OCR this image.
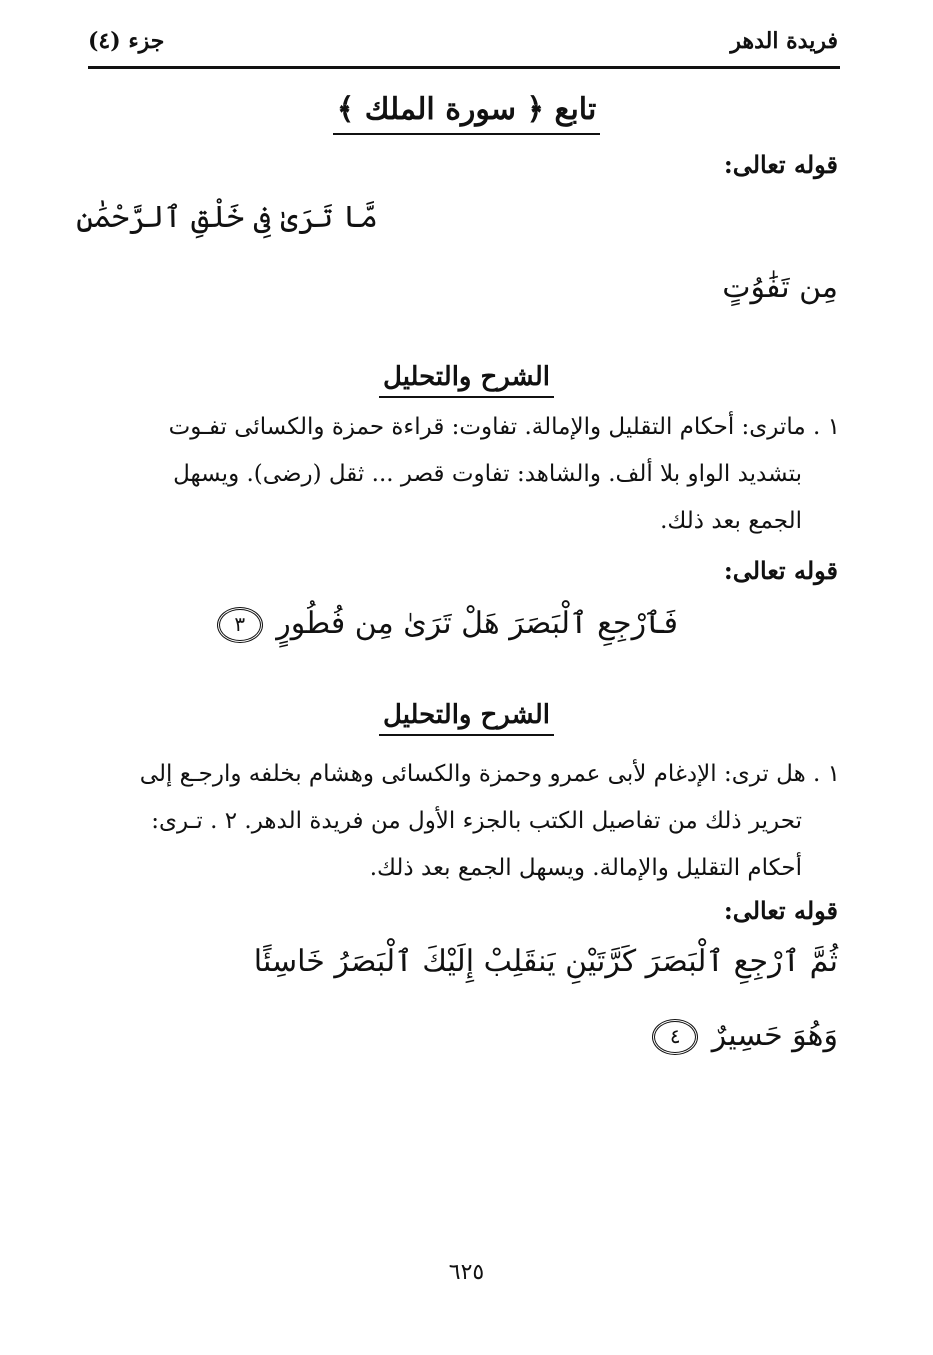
فريدة الدهر
جزء (٤)
تابع ﴿ سورة الملك ﴾
قوله تعالى:
مَّا تَرَىٰ فِى خَلْقِ ٱلرَّحْمَٰنِ
مِن تَفَٰوُتٍ
الشرح والتحليل
١ . ماترى: أحكام التقليل والإمالة. تفاوت: قراءة حمزة والكسائى تفـوت
بتشديد الواو بلا ألف. والشاهد: تفاوت قصر ... ثقل (رضى). ويسهل
الجمع بعد ذلك.
قوله تعالى:
فَٱرْجِعِ ٱلْبَصَرَ هَلْ تَرَىٰ مِن فُطُورٍ ٣
الشرح والتحليل
١ . هل ترى: الإدغام لأبى عمرو وحمزة والكسائى وهشام بخلفه وارجـع إلى
تحرير ذلك من تفاصيل الكتب بالجزء الأول من فريدة الدهر. ٢ . تـرى:
أحكام التقليل والإمالة. ويسهل الجمع بعد ذلك.
قوله تعالى:
ثُمَّ ٱرْجِعِ ٱلْبَصَرَ كَرَّتَيْنِ يَنقَلِبْ إِلَيْكَ ٱلْبَصَرُ خَاسِئًا
وَهُوَ حَسِيرٌ ٤
٦٢٥
